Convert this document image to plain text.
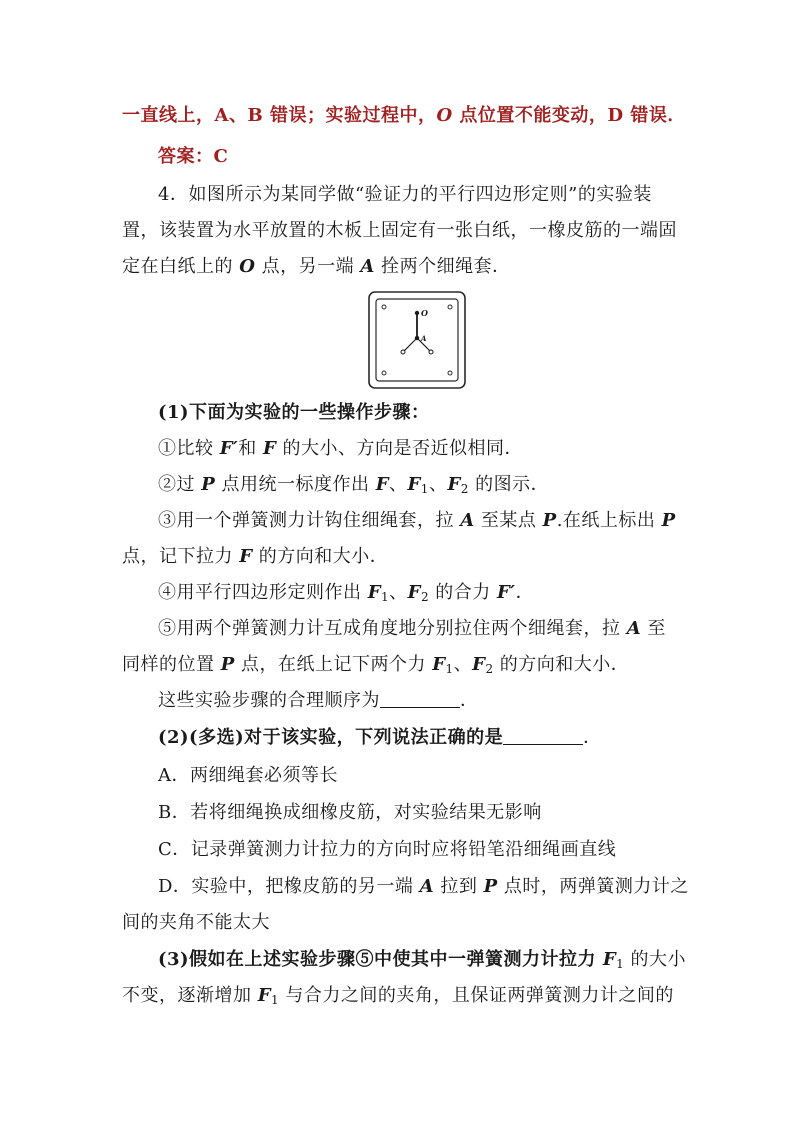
一直线上，A、B 错误；实验过程中，O 点位置不能变动，D 错误．
答案：C
4．如图所示为某同学做“验证力的平行四边形定则”的实验装
置，该装置为水平放置的木板上固定有一张白纸，一橡皮筋的一端固
定在白纸上的 O 点，另一端 A 拴两个细绳套．
O
A
(1)下面为实验的一些操作步骤：
①比较 F′和 F 的大小、方向是否近似相同．
②过 P 点用统一标度作出 F、$F_1$、$F_2$ 的图示．
③用一个弹簧测力计钩住细绳套，拉 A 至某点 P.在纸上标出 P
点，记下拉力 F 的方向和大小．
④用平行四边形定则作出 $F_1$、$F_2$ 的合力 F′．
⑤用两个弹簧测力计互成角度地分别拉住两个细绳套，拉 A 至
同样的位置 P 点，在纸上记下两个力 $F_1$、$F_2$ 的方向和大小．
这些实验步骤的合理顺序为	．
(2)(多选)对于该实验，下列说法正确的是	．
A．两细绳套必须等长
B．若将细绳换成细橡皮筋，对实验结果无影响
C．记录弹簧测力计拉力的方向时应将铅笔沿细绳画直线
D．实验中，把橡皮筋的另一端 A 拉到 P 点时，两弹簧测力计之
间的夹角不能太大
(3)假如在上述实验步骤⑤中使其中一弹簧测力计拉力 $F_1$ 的大小
不变，逐渐增加 $F_1$ 与合力之间的夹角，且保证两弹簧测力计之间的
